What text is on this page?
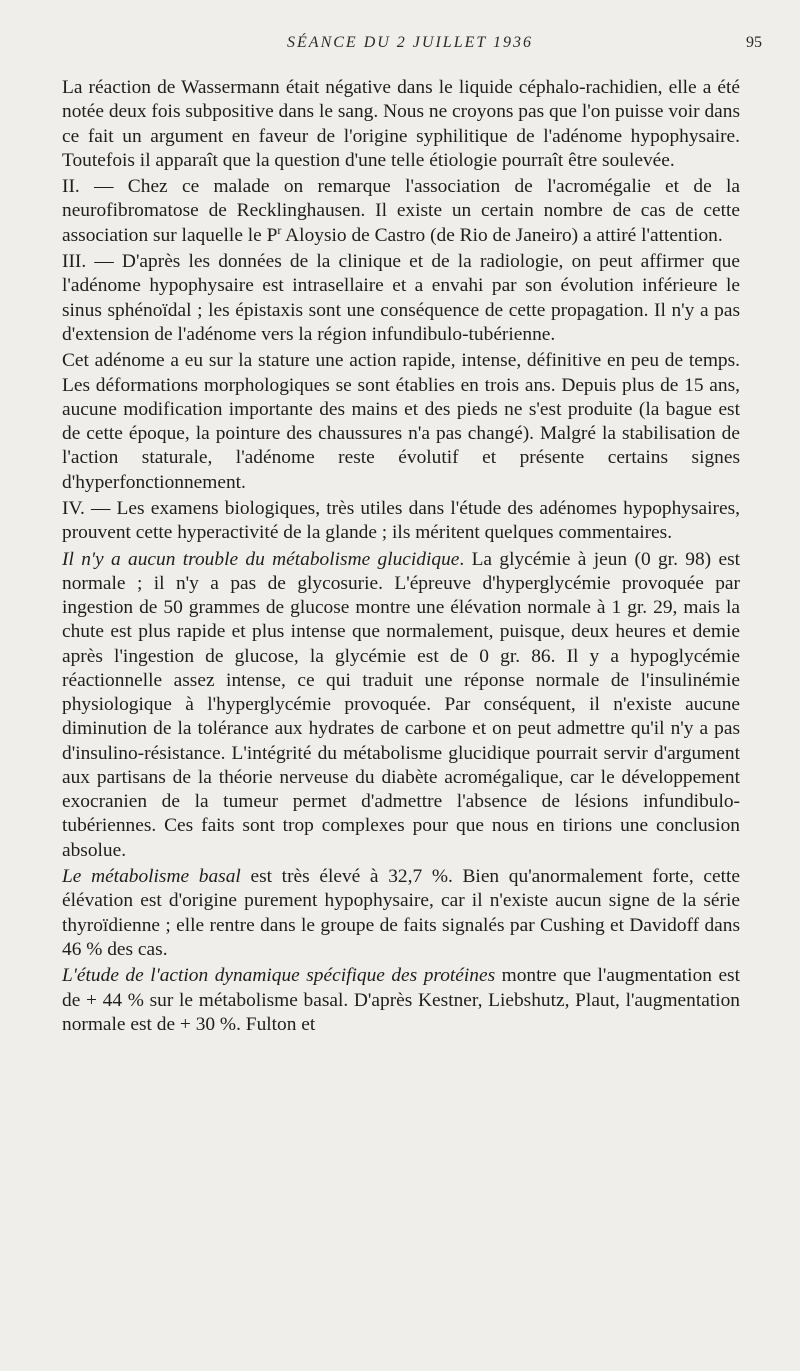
SÉANCE DU 2 JUILLET 1936	95

La réaction de Wassermann était négative dans le liquide céphalo-rachidien, elle a été notée deux fois subpositive dans le sang. Nous ne croyons pas que l'on puisse voir dans ce fait un argument en faveur de l'origine syphilitique de l'adénome hypophysaire. Toutefois il apparaît que la question d'une telle étiologie pourraît être soulevée.

II. — Chez ce malade on remarque l'association de l'acromégalie et de la neurofibromatose de Recklinghausen. Il existe un certain nombre de cas de cette association sur laquelle le $P^r$ Aloysio de Castro (de Rio de Janeiro) a attiré l'attention.

III. — D'après les données de la clinique et de la radiologie, on peut affirmer que l'adénome hypophysaire est intrasellaire et a envahi par son évolution inférieure le sinus sphénoïdal ; les épistaxis sont une conséquence de cette propagation. Il n'y a pas d'extension de l'adénome vers la région infundibulo-tubérienne.

Cet adénome a eu sur la stature une action rapide, intense, définitive en peu de temps. Les déformations morphologiques se sont établies en trois ans. Depuis plus de 15 ans, aucune modification importante des mains et des pieds ne s'est produite (la bague est de cette époque, la pointure des chaussures n'a pas changé). Malgré la stabilisation de l'action staturale, l'adénome reste évolutif et présente certains signes d'hyperfonctionnement.

IV. — Les examens biologiques, très utiles dans l'étude des adénomes hypophysaires, prouvent cette hyperactivité de la glande ; ils méritent quelques commentaires.

Il n'y a aucun trouble du métabolisme glucidique. La glycémie à jeun (0 gr. 98) est normale ; il n'y a pas de glycosurie. L'épreuve d'hyperglycémie provoquée par ingestion de 50 grammes de glucose montre une élévation normale à 1 gr. 29, mais la chute est plus rapide et plus intense que normalement, puisque, deux heures et demie après l'ingestion de glucose, la glycémie est de 0 gr. 86. Il y a hypoglycémie réactionnelle assez intense, ce qui traduit une réponse normale de l'insulinémie physiologique à l'hyperglycémie provoquée. Par conséquent, il n'existe aucune diminution de la tolérance aux hydrates de carbone et on peut admettre qu'il n'y a pas d'insulino-résistance. L'intégrité du métabolisme glucidique pourrait servir d'argument aux partisans de la théorie nerveuse du diabète acromégalique, car le développement exocranien de la tumeur permet d'admettre l'absence de lésions infundibulo-tubériennes. Ces faits sont trop complexes pour que nous en tirions une conclusion absolue.

Le métabolisme basal est très élevé à 32,7 %. Bien qu'anormalement forte, cette élévation est d'origine purement hypophysaire, car il n'existe aucun signe de la série thyroïdienne ; elle rentre dans le groupe de faits signalés par Cushing et Davidoff dans 46 % des cas.

L'étude de l'action dynamique spécifique des protéines montre que l'augmentation est de + 44 % sur le métabolisme basal. D'après Kestner, Liebshutz, Plaut, l'augmentation normale est de + 30 %. Fulton et
